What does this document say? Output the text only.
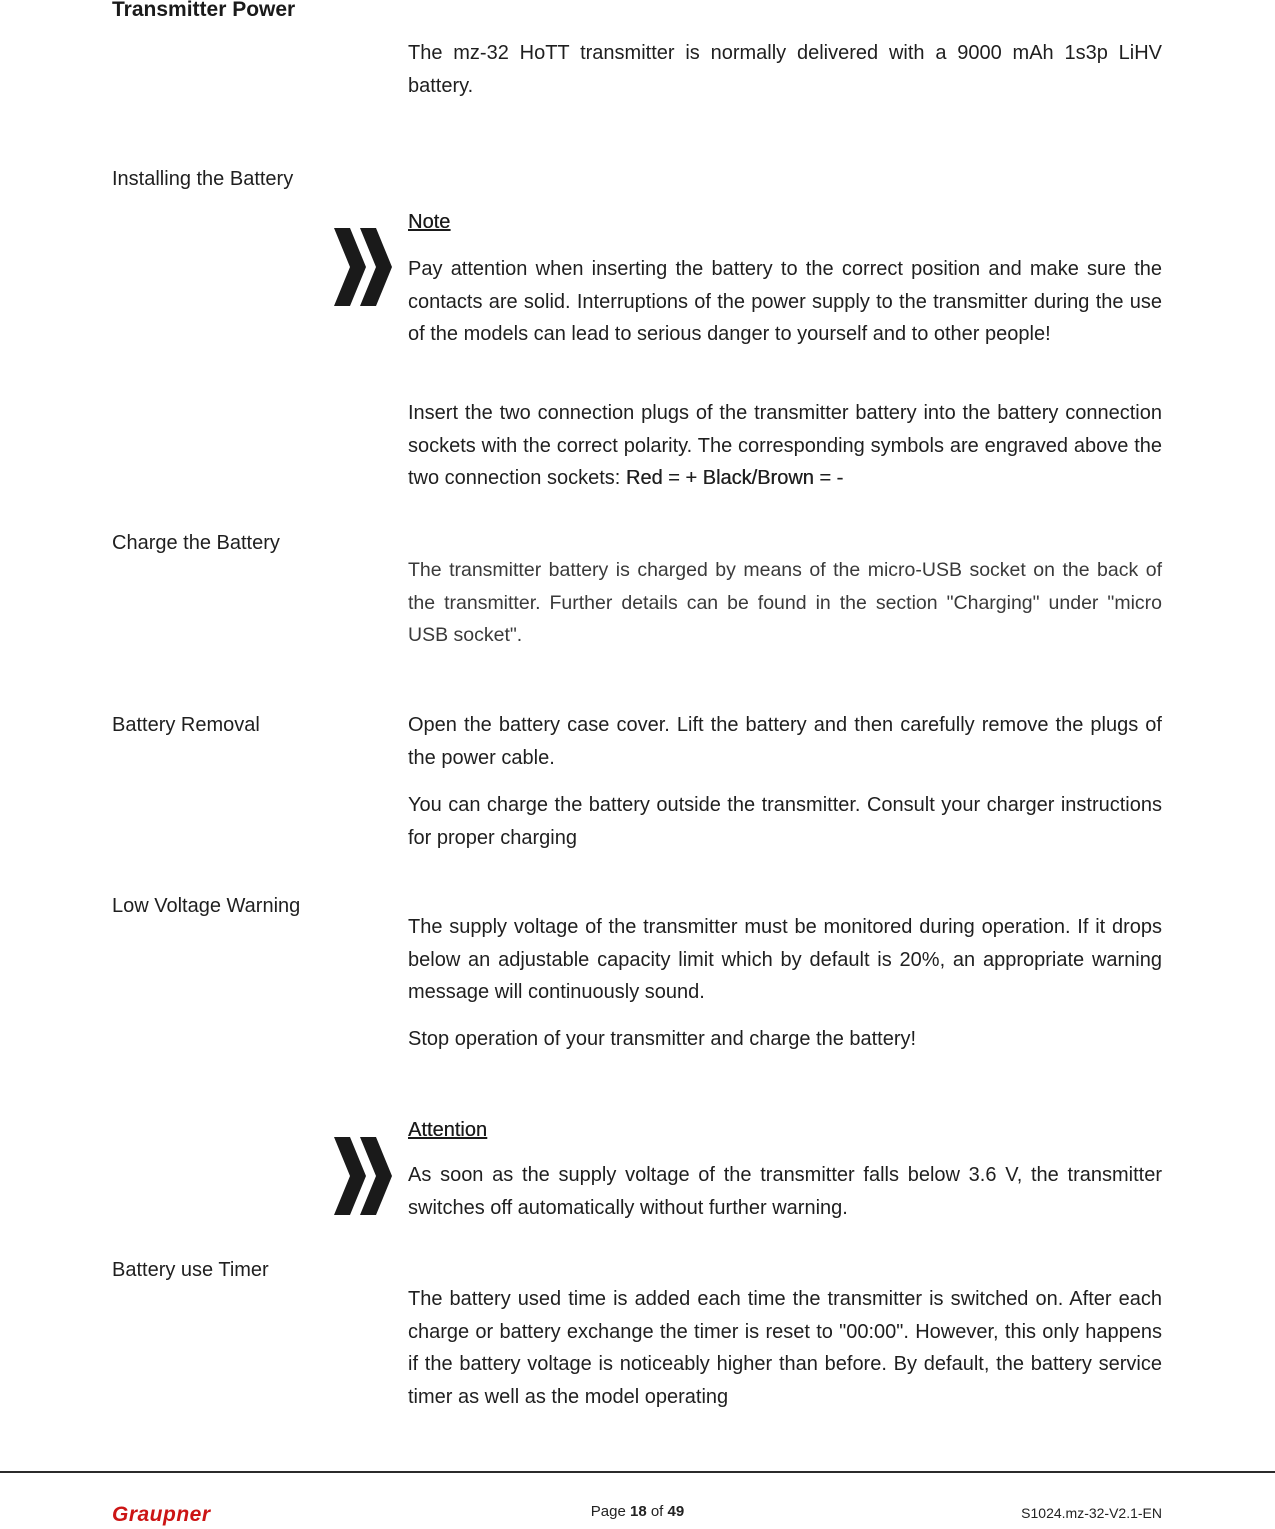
Transmitter Power
The mz-32 HoTT transmitter is normally delivered with a 9000 mAh 1s3p LiHV battery.
Installing the Battery
Note
Pay attention when inserting the battery to the correct position and make sure the contacts are solid. Interruptions of the power supply to the transmitter during the use of the models can lead to serious danger to yourself and to other people!
Insert the two connection plugs of the transmitter battery into the battery connection sockets with the correct polarity. The corresponding symbols are engraved above the two connection sockets: Red = + Black/Brown = -
Charge the Battery
The transmitter battery is charged by means of the micro-USB socket on the back of the transmitter. Further details can be found in the section "Charging" under "micro USB socket".
Battery Removal	Open the battery case cover. Lift the battery and then carefully remove the plugs of the power cable.
You can charge the battery outside the transmitter. Consult your charger instructions for proper charging
Low Voltage Warning
The supply voltage of the transmitter must be monitored during operation. If it drops below an adjustable capacity limit which by default is 20%, an appropriate warning message will continuously sound.
Stop operation of your transmitter and charge the battery!
Attention
As soon as the supply voltage of the transmitter falls below 3.6 V, the transmitter switches off automatically without further warning.
Battery use Timer
The battery used time is added each time the transmitter is switched on. After each charge or battery exchange the timer is reset to "00:00". However, this only happens if the battery voltage is noticeably higher than before. By default, the battery service timer as well as the model operating
Graupner	Page 18 of 49	S1024.mz-32-V2.1-EN
